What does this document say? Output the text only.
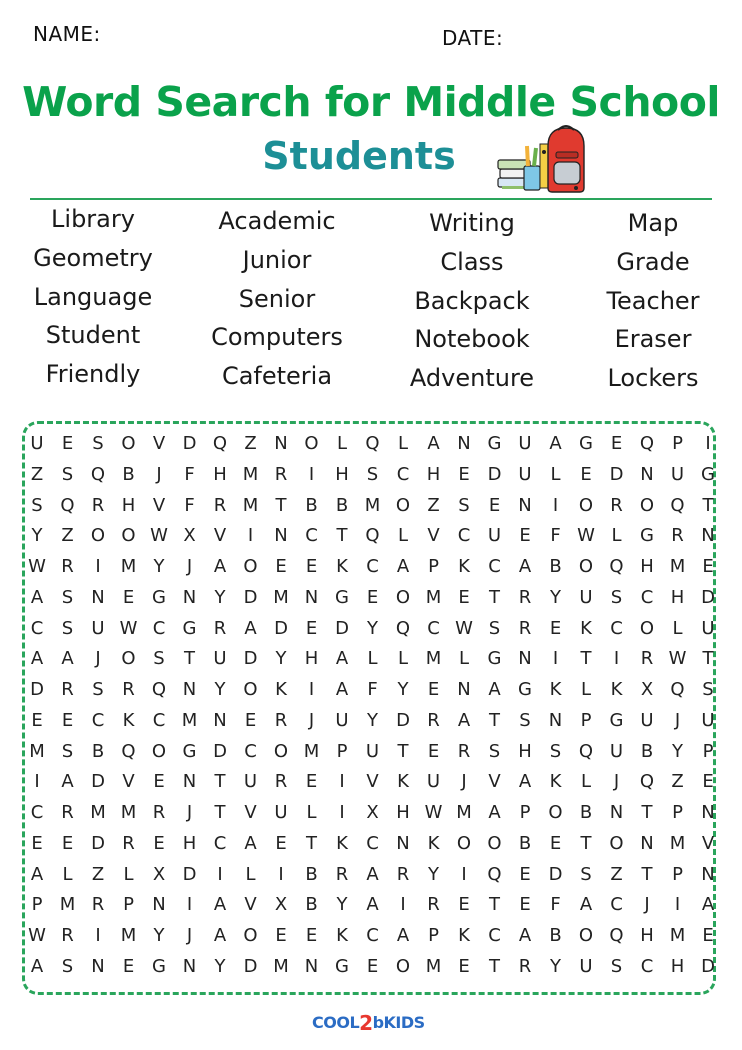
NAME:	DATE:
Word Search for Middle School
Students
Library
Geometry
Language
Student
Friendly
Academic
Junior
Senior
Computers
Cafeteria
Writing
Class
Backpack
Notebook
Adventure
Map
Grade
Teacher
Eraser
Lockers
U	E	S O V D Q Z N O	L	Q	L	A N G U A G E Q P	I
Z	S Q B	J	F	H M R	I	H	S	C H	E D U	L	E D N U G
S Q R H V	F	R M T	B	B M O Z	S	E	N	I	O R O Q T
Y	Z O O W X	V	I	N C	T Q	L	V	C U	E	F W L	G R N
W R	I	M Y	J	A O E	E	K	C	A	P	K	C	A	B O Q H M E
A	S	N	E G N	Y	D M N G E O M E	T	R	Y	U	S	C H D
C	S	U W C G R	A D E D	Y Q C W S	R	E	K	C O	L	U
A	A	J	O S	T	U D	Y	H A	L	L M L	G N	I	T	I	R W T
D R	S	R Q N	Y O K	I	A	F	Y	E	N A G K	L	K	X Q S
E	E	C	K	C M N	E	R	J	U	Y	D R	A	T	S	N	P	G U	J	U
M S	B Q O G D C O M P	U	T	E	R	S	H	S Q U B	Y	P
I	A D V	E	N	T	U R	E	I	V	K	U	J	V	A	K	L	J	Q Z	E
C R M M R	J	T	V U	L	I	X H W M A	P O B N	T	P	N
E	E D R	E	H C	A	E	T	K	C N K O O B	E	T O N M V
A	L	Z	L	X D	I	L	I	B	R	A	R	Y	I	Q E D S	Z	T	P	N
P M R	P	N	I	A	V	X	B	Y	A	I	R	E	T	E	F	A	C	J	I	A
W R	I	M Y	J	A O E	E	K	C	A	P	K	C	A	B O Q H M E
A	S	N	E G N	Y	D M N G E O M E	T	R	Y	U	S	C H D
COOL 2 bKIDS
